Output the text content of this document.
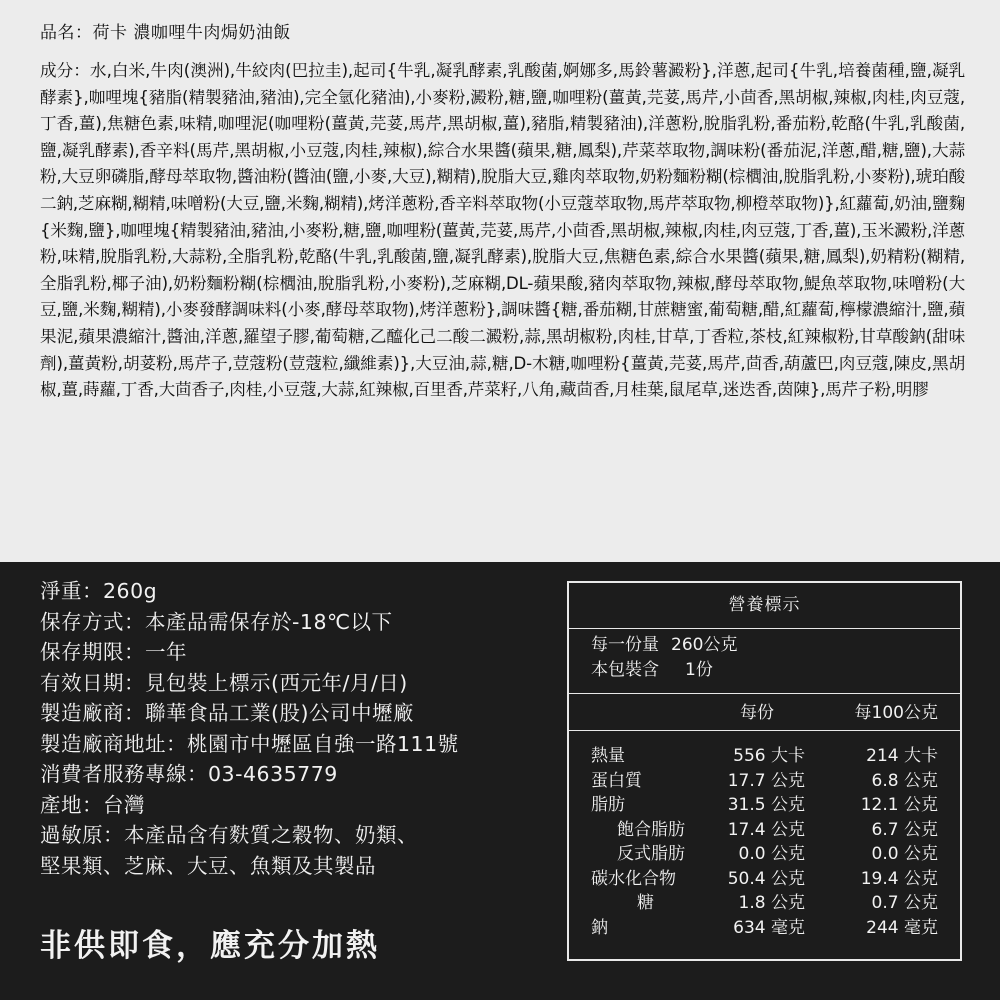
品名：荷卡 濃咖哩牛肉焗奶油飯
成分：水,白米,牛肉(澳洲),牛絞肉(巴拉圭),起司{牛乳,凝乳酵素,乳酸菌,婀娜多,馬鈴薯澱粉},洋蔥,起司{牛乳,培養菌種,鹽,凝乳酵素},咖哩塊{豬脂(精製豬油,豬油),完全氫化豬油),小麥粉,澱粉,糖,鹽,咖哩粉(薑黃,芫荽,馬芹,小茴香,黑胡椒,辣椒,肉桂,肉豆蔻,丁香,薑),焦糖色素,味精,咖哩泥(咖哩粉(薑黃,芫荽,馬芹,黑胡椒,薑),豬脂,精製豬油),洋蔥粉,脫脂乳粉,番茄粉,乾酪(牛乳,乳酸菌,鹽,凝乳酵素),香辛料(馬芹,黑胡椒,小豆蔻,肉桂,辣椒),綜合水果醬(蘋果,糖,鳳梨),芹菜萃取物,調味粉(番茄泥,洋蔥,醋,糖,鹽),大蒜粉,大豆卵磷脂,酵母萃取物,醬油粉(醬油(鹽,小麥,大豆),糊精),脫脂大豆,雞肉萃取物,奶粉麵粉糊(棕櫚油,脫脂乳粉,小麥粉),琥珀酸二鈉,芝麻糊,糊精,味噌粉(大豆,鹽,米麴,糊精),烤洋蔥粉,香辛料萃取物(小豆蔻萃取物,馬芹萃取物,柳橙萃取物)},紅蘿蔔,奶油,鹽麴{米麴,鹽},咖哩塊{精製豬油,豬油,小麥粉,糖,鹽,咖哩粉(薑黃,芫荽,馬芹,小茴香,黑胡椒,辣椒,肉桂,肉豆蔻,丁香,薑),玉米澱粉,洋蔥粉,味精,脫脂乳粉,大蒜粉,全脂乳粉,乾酪(牛乳,乳酸菌,鹽,凝乳酵素),脫脂大豆,焦糖色素,綜合水果醬(蘋果,糖,鳳梨),奶精粉(糊精,全脂乳粉,椰子油),奶粉麵粉糊(棕櫚油,脫脂乳粉,小麥粉),芝麻糊,DL-蘋果酸,豬肉萃取物,辣椒,酵母萃取物,鯷魚萃取物,味噌粉(大豆,鹽,米麴,糊精),小麥發酵調味料(小麥,酵母萃取物),烤洋蔥粉},調味醬{糖,番茄糊,甘蔗糖蜜,葡萄糖,醋,紅蘿蔔,檸檬濃縮汁,鹽,蘋果泥,蘋果濃縮汁,醬油,洋蔥,羅望子膠,葡萄糖,乙醯化己二酸二澱粉,蒜,黑胡椒粉,肉桂,甘草,丁香粒,茶枝,紅辣椒粉,甘草酸鈉(甜味劑),薑黃粉,胡荽粉,馬芹子,荳蔻粉(荳蔻粒,纖維素)},大豆油,蒜,糖,D-木糖,咖哩粉{薑黃,芫荽,馬芹,茴香,葫蘆巴,肉豆蔻,陳皮,黑胡椒,薑,蒔蘿,丁香,大茴香子,肉桂,小豆蔻,大蒜,紅辣椒,百里香,芹菜籽,八角,藏茴香,月桂葉,鼠尾草,迷迭香,茵陳},馬芹子粉,明膠
淨重：260g
保存方式：本產品需保存於-18℃以下
保存期限：一年
有效日期：見包裝上標示(西元年/月/日)
製造廠商：聯華食品工業(股)公司中壢廠
製造廠商地址：桃園市中壢區自強一路111號
消費者服務專線：03-4635779
產地：台灣
過敏原：本產品含有麩質之穀物、奶類、
堅果類、芝麻、大豆、魚類及其製品
非供即食，應充分加熱
營養標示
每一份量 260公克
本包裝含 1份
每份	每100公克
熱量	556 大卡	214 大卡
蛋白質	17.7 公克	6.8 公克
脂肪	31.5 公克	12.1 公克
飽合脂肪	17.4 公克	6.7 公克
反式脂肪	0.0 公克	0.0 公克
碳水化合物	50.4 公克	19.4 公克
糖	1.8 公克	0.7 公克
鈉	634 毫克	244 毫克
